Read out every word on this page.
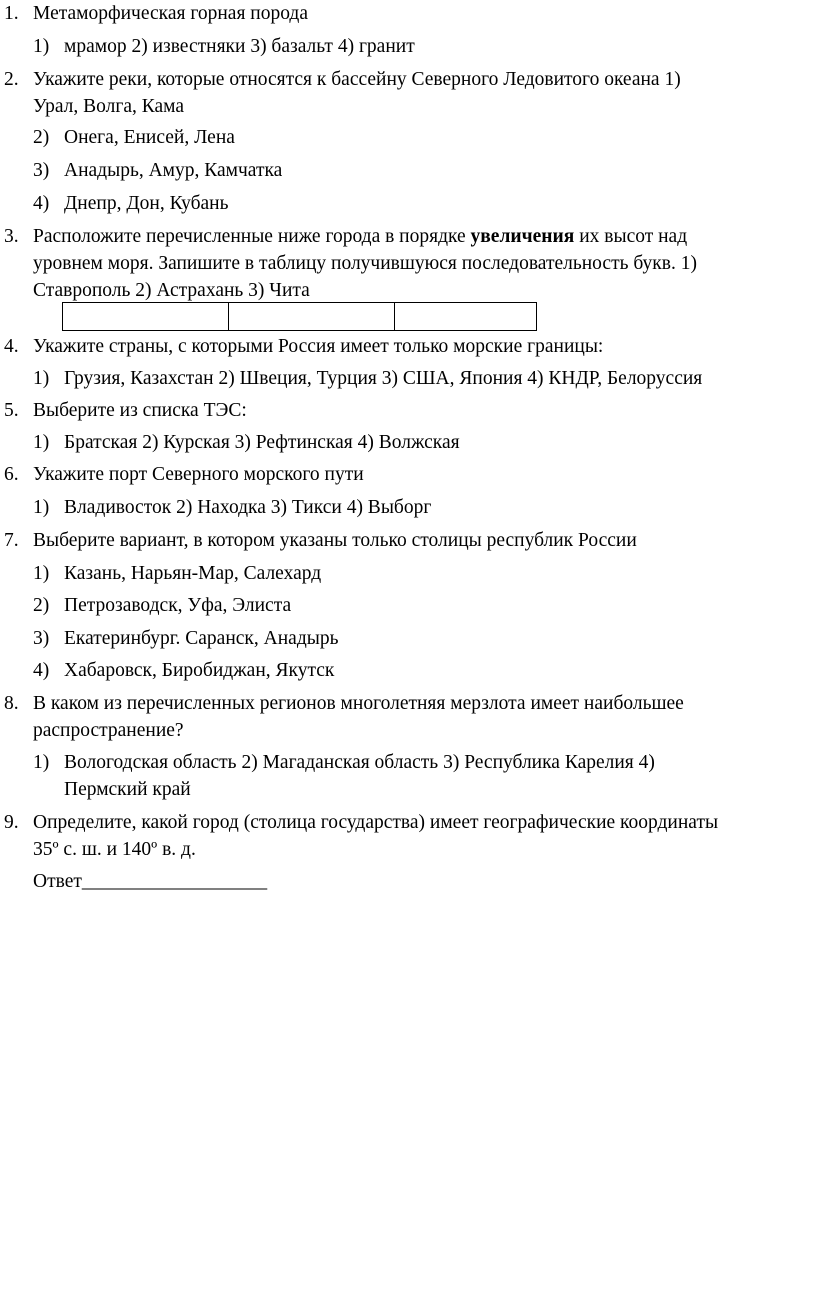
1. Метаморфическая горная порода
1) мрамор 2) известняки 3) базальт 4) гранит
2. Укажите реки, которые относятся к бассейну Северного Ледовитого океана 1)
Урал, Волга, Кама
2) Онега, Енисей, Лена
3) Анадырь, Амур, Камчатка
4) Днепр, Дон, Кубань
3. Расположите перечисленные ниже города в порядке увеличения их высот над
уровнем моря. Запишите в таблицу получившуюся последовательность букв. 1)
Ставрополь 2) Астрахань 3) Чита

4. Укажите страны, с которыми Россия имеет только морские границы:
1) Грузия, Казахстан 2) Швеция, Турция 3) США, Япония 4) КНДР, Белоруссия
5. Выберите из списка ТЭС:
1) Братская 2) Курская 3) Рефтинская 4) Волжская
6. Укажите порт Северного морского пути
1) Владивосток 2) Находка 3) Тикси 4) Выборг
7. Выберите вариант, в котором указаны только столицы республик России
1) Казань, Нарьян-Мар, Салехард
2) Петрозаводск, Уфа, Элиста
3) Екатеринбург. Саранск, Анадырь
4) Хабаровск, Биробиджан, Якутск
8. В каком из перечисленных регионов многолетняя мерзлота имеет наибольшее
распространение?
1) Вологодская область 2) Магаданская область 3) Республика Карелия 4)
Пермский край
9. Определите, какой город (столица государства) имеет географические координаты
35º с. ш. и 140º в. д.
Ответ___________________
